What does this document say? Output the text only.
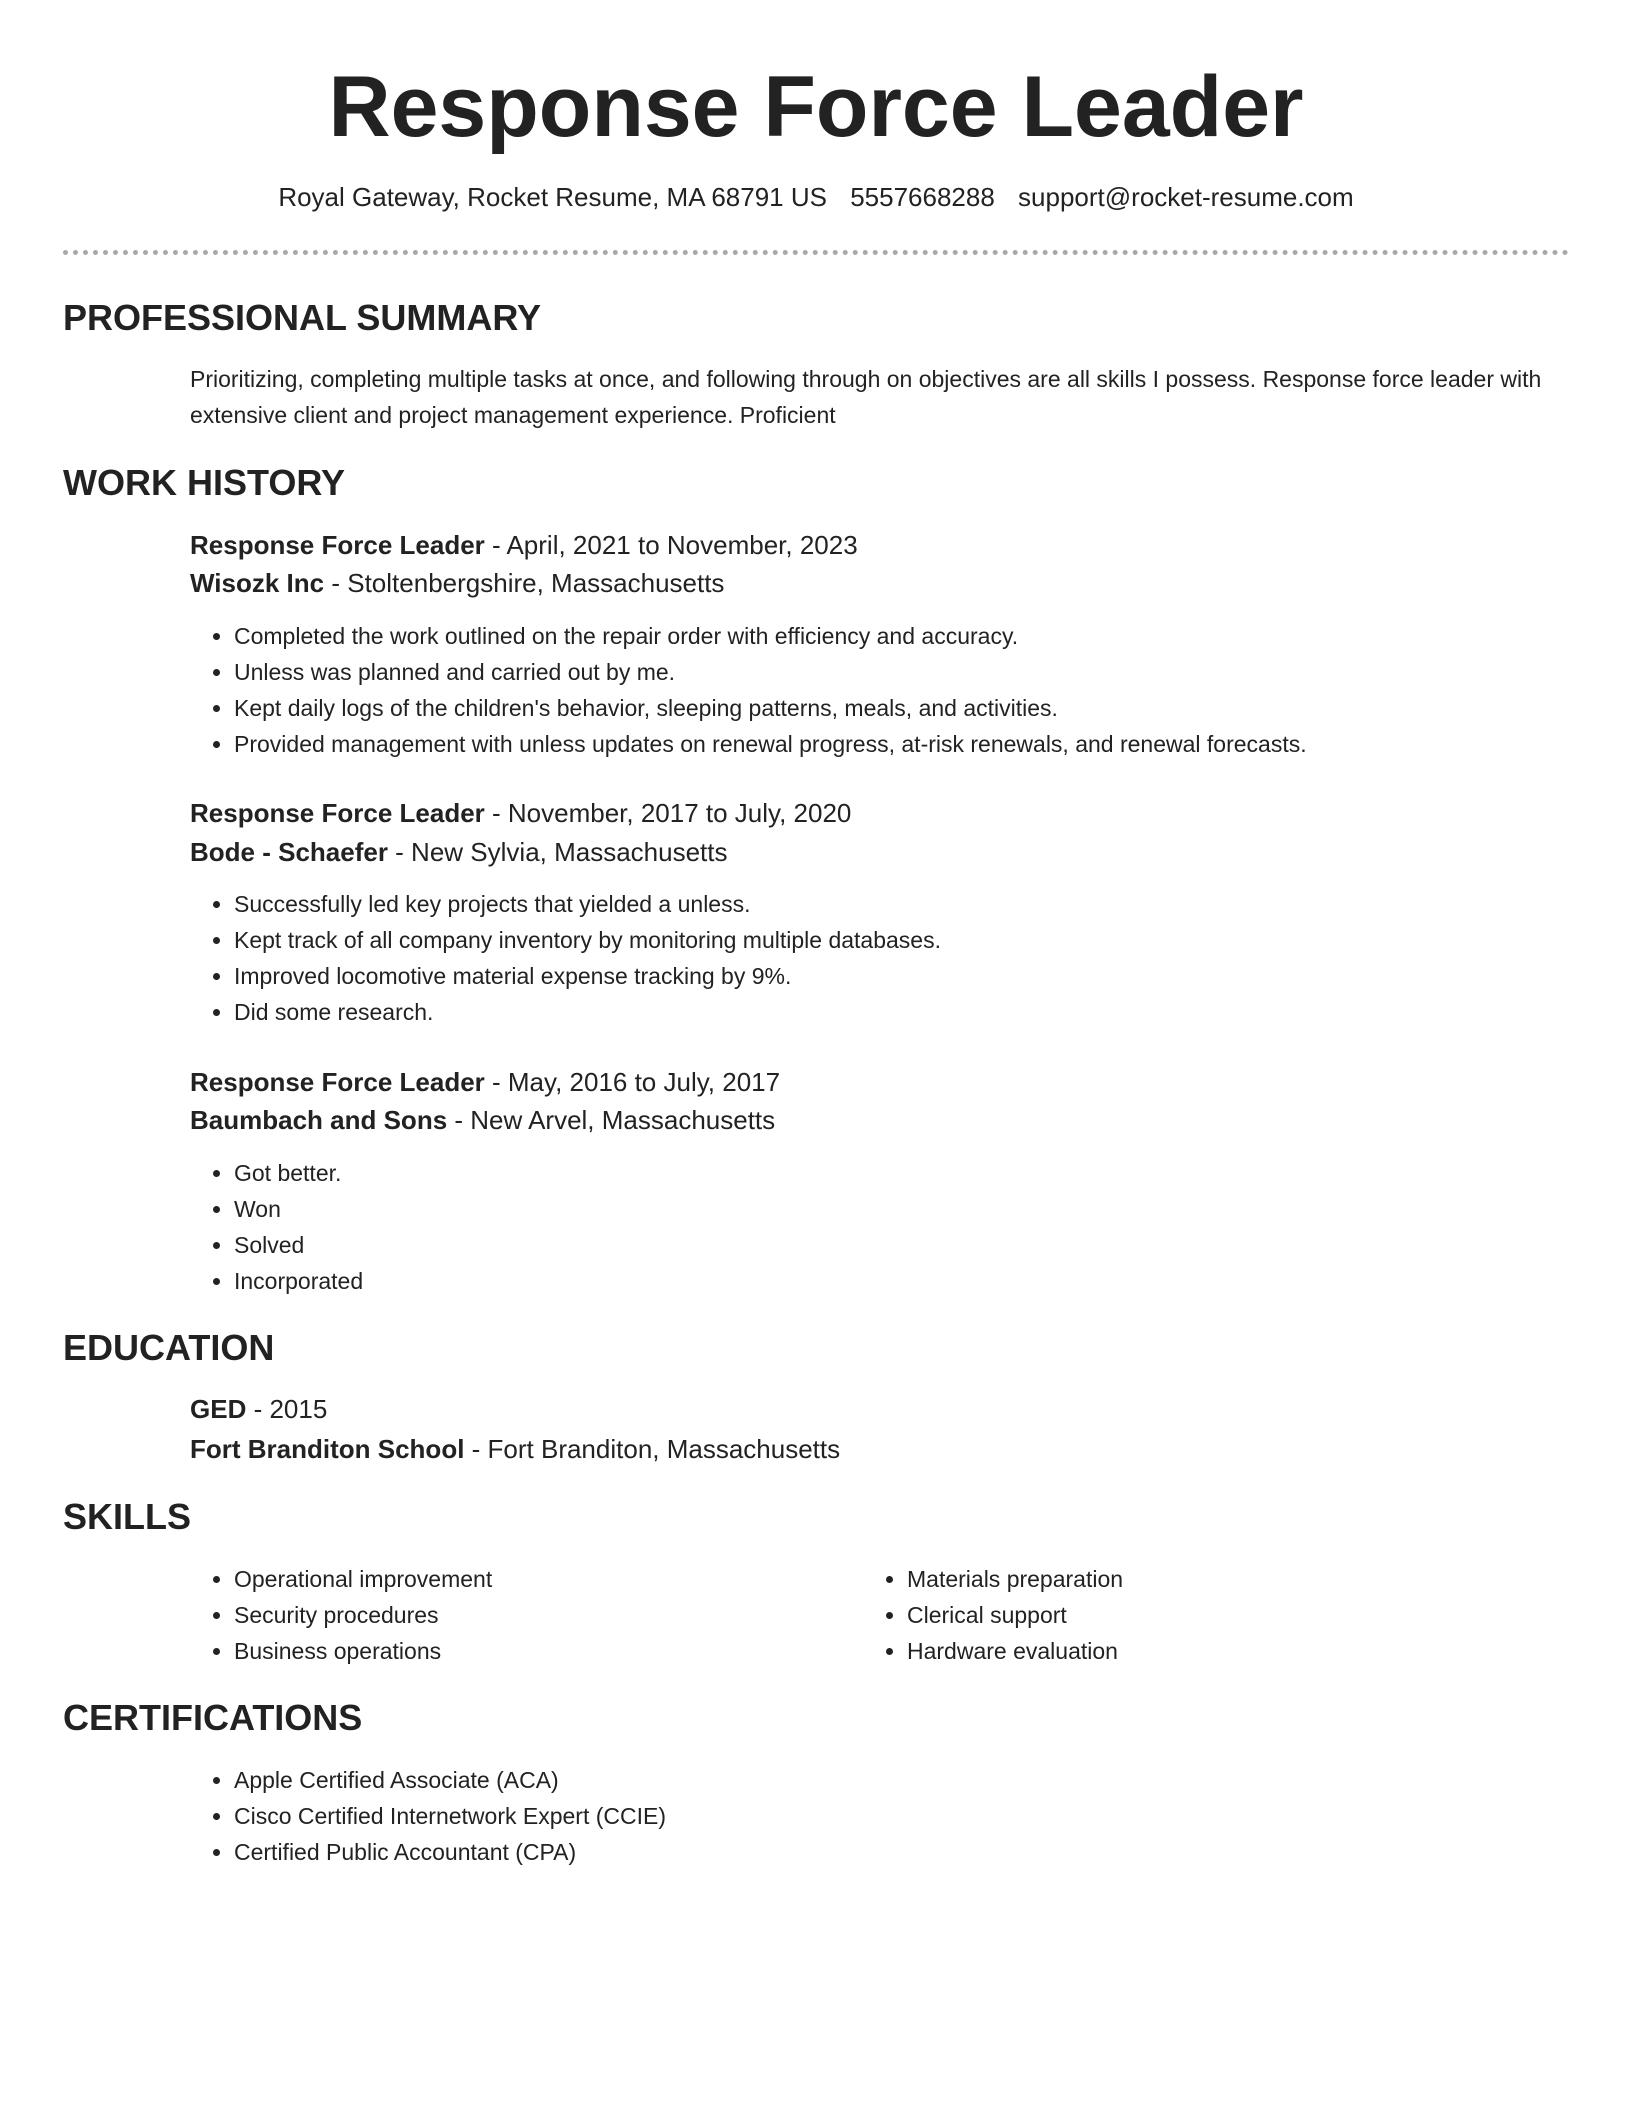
Response Force Leader
Royal Gateway, Rocket Resume, MA 68791 US 5557668288 support@rocket-resume.com
PROFESSIONAL SUMMARY
Prioritizing, completing multiple tasks at once, and following through on objectives are all skills I possess. Response force leader with extensive client and project management experience. Proficient
WORK HISTORY
Response Force Leader - April, 2021 to November, 2023
Wisozk Inc - Stoltenbergshire, Massachusetts
• Completed the work outlined on the repair order with efficiency and accuracy.
• Unless was planned and carried out by me.
• Kept daily logs of the children's behavior, sleeping patterns, meals, and activities.
• Provided management with unless updates on renewal progress, at-risk renewals, and renewal forecasts.
Response Force Leader - November, 2017 to July, 2020
Bode - Schaefer - New Sylvia, Massachusetts
• Successfully led key projects that yielded a unless.
• Kept track of all company inventory by monitoring multiple databases.
• Improved locomotive material expense tracking by 9%.
• Did some research.
Response Force Leader - May, 2016 to July, 2017
Baumbach and Sons - New Arvel, Massachusetts
• Got better.
• Won
• Solved
• Incorporated
EDUCATION
GED - 2015
Fort Branditon School - Fort Branditon, Massachusetts
SKILLS
• Operational improvement
• Security procedures
• Business operations
• Materials preparation
• Clerical support
• Hardware evaluation
CERTIFICATIONS
• Apple Certified Associate (ACA)
• Cisco Certified Internetwork Expert (CCIE)
• Certified Public Accountant (CPA)
